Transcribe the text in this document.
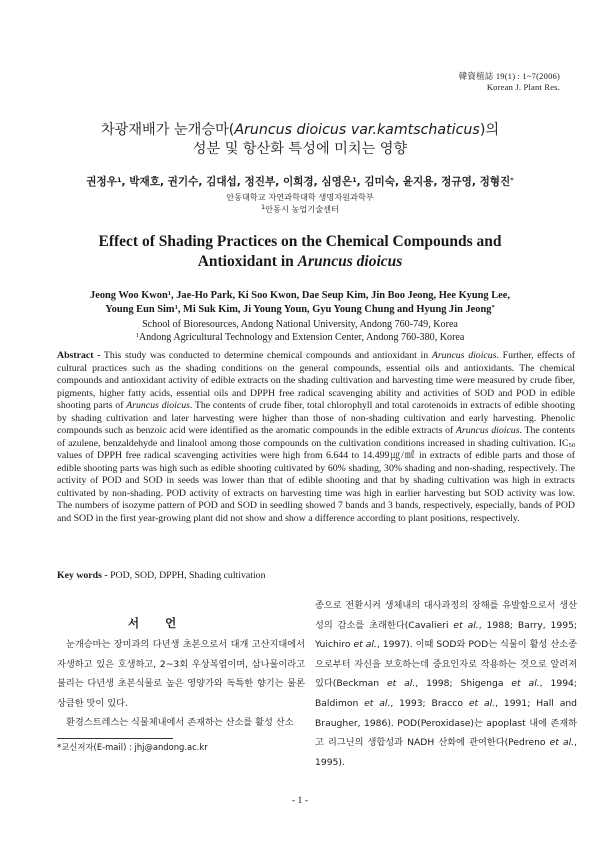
韓資植誌 19(1) : 1~7(2006)
Korean J. Plant Res.
차광재배가 눈개승마(Aruncus dioicus var.kamtschaticus)의
성분 및 항산화 특성에 미치는 영향
권정우$^1$, 박재호, 권기수, 김대섭, 정진부, 이희경, 심영은$^1$, 김미숙, 윤지용, 정규영, 정형진*
안동대학교 자연과학대학 생명자원과학부
$^1$안동시 농업기술센터
Effect of Shading Practices on the Chemical Compounds and
Antioxidant in Aruncus dioicus
Jeong Woo Kwon$^1$, Jae-Ho Park, Ki Soo Kwon, Dae Seup Kim, Jin Boo Jeong, Hee Kyung Lee,
Young Eun Sim$^1$, Mi Suk Kim, Ji Young Youn, Gyu Young Chung and Hyung Jin Jeong*
School of Bioresources, Andong National University, Andong 760-749, Korea
$^1$Andong Agricultural Technology and Extension Center, Andong 760-380, Korea
Abstract - This study was conducted to determine chemical compounds and antioxidant in Aruncus dioicus. Further, effects of cultural practices such as the shading conditions on the general compounds, essential oils and antioxidants. The chemical compounds and antioxidant activity of edible extracts on the shading cultivation and harvesting time were measured by crude fiber, pigments, higher fatty acids, essential oils and DPPH free radical scavenging ability and activities of SOD and POD in edible shooting parts of Aruncus dioicus. The contents of crude fiber, total chlorophyll and total carotenoids in extracts of edible shooting by shading cultivation and later harvesting were higher than those of non-shading cultivation and early harvesting. Phenolic compounds such as benzoic acid were identified as the aromatic compounds in the edible extracts of Aruncus dioicus. The contents of azulene, benzaldehyde and linalool among those compounds on the cultivation conditions increased in shading cultivation. $IC_{50}$ values of DPPH free radical scavenging activities were high from 6.644 to 14.499㎍/㎖ in extracts of edible parts and those of edible shooting parts was high such as edible shooting cultivated by 60% shading, 30% shading and non-shading, respectively. The activity of POD and SOD in seeds was lower than that of edible shooting and that by shading cultivation was high in extracts cultivated by non-shading. POD activity of extracts on harvesting time was high in earlier harvesting but SOD activity was low. The numbers of isozyme pattern of POD and SOD in seedling showed 7 bands and 3 bands, respectively, especially, bands of POD and SOD in the first year-growing plant did not show and show a difference according to plant positions, respectively.
Key words - POD, SOD, DPPH, Shading cultivation
서 언

눈개승마는 장미과의 다년생 초본으로서 대개 고산지대에서 자생하고 있은 호생하고, 2~3회 우상복엽이며, 삼나물이라고 불리는 다년생 초본식물로 높은 영양가와 독특한 향기는 물론 상큼한 맛이 있다.

환경스트레스는 식물체내에서 존재하는 산소를 활성 산소

종으로 전환시켜 생체내의 대사과정의 장해를 유발함으로서 생산성의 감소를 초래한다(Cavalieri et al., 1988; Barry, 1995; Yuichiro et al., 1997). 이때 SOD와 POD는 식물이 활성 산소종으로부터 자신을 보호하는데 중요인자로 작용하는 것으로 알려져 있다(Beckman et al., 1998; Shigenga et al., 1994; Baldimon et al., 1993; Bracco et al., 1991; Hall and Braugher, 1986). POD(Peroxidase)는 apoplast 내에 존재하고 리그닌의 생합성과 NADH 산화에 관여한다(Pedreno et al., 1995).

*교신저자(E-mail) : jhj@andong.ac.kr
- 1 -
